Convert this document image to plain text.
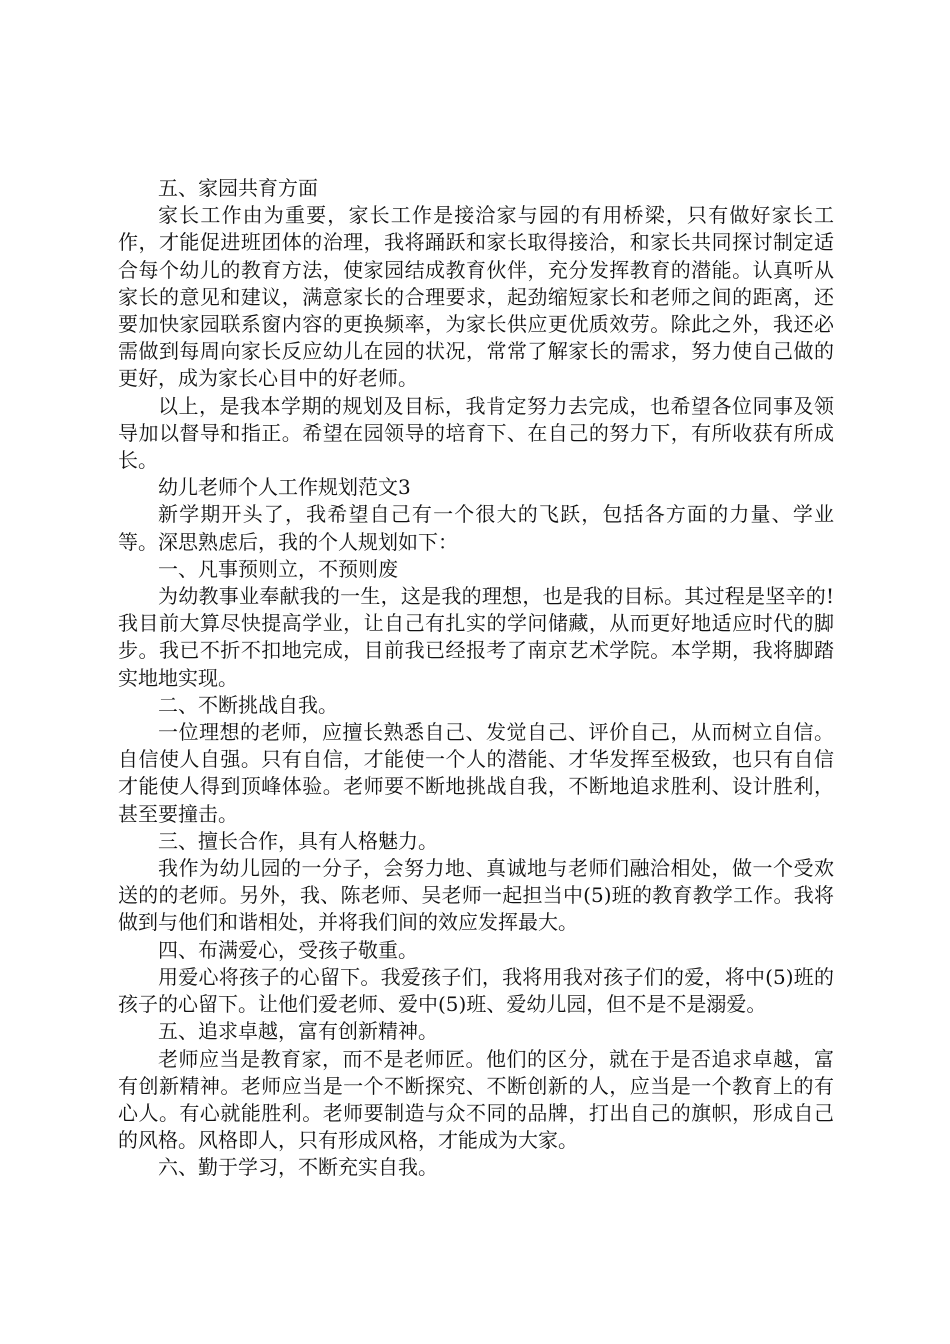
五、家园共育方面

家长工作由为重要，家长工作是接洽家与园的有用桥梁，只有做好家长工作，才能促进班团体的治理，我将踊跃和家长取得接洽，和家长共同探讨制定适合每个幼儿的教育方法，使家园结成教育伙伴，充分发挥教育的潜能。认真听从家长的意见和建议，满意家长的合理要求，起劲缩短家长和老师之间的距离，还要加快家园联系窗内容的更换频率，为家长供应更优质效劳。除此之外，我还必需做到每周向家长反应幼儿在园的状况，常常了解家长的需求，努力使自己做的更好，成为家长心目中的好老师。

以上，是我本学期的规划及目标，我肯定努力去完成，也希望各位同事及领导加以督导和指正。希望在园领导的培育下、在自己的努力下，有所收获有所成长。

幼儿老师个人工作规划范文3

新学期开头了，我希望自己有一个很大的飞跃，包括各方面的力量、学业等。深思熟虑后，我的个人规划如下：

一、凡事预则立，不预则废

为幼教事业奉献我的一生，这是我的理想，也是我的目标。其过程是坚辛的!我目前大算尽快提高学业，让自己有扎实的学问储藏，从而更好地适应时代的脚步。我已不折不扣地完成，目前我已经报考了南京艺术学院。本学期，我将脚踏实地地实现。

二、不断挑战自我。

一位理想的老师，应擅长熟悉自己、发觉自己、评价自己，从而树立自信。自信使人自强。只有自信，才能使一个人的潜能、才华发挥至极致，也只有自信才能使人得到顶峰体验。老师要不断地挑战自我，不断地追求胜利、设计胜利，甚至要撞击。

三、擅长合作，具有人格魅力。

我作为幼儿园的一分子，会努力地、真诚地与老师们融洽相处，做一个受欢送的的老师。另外，我、陈老师、吴老师一起担当中(5)班的教育教学工作。我将做到与他们和谐相处，并将我们间的效应发挥最大。

四、布满爱心，受孩子敬重。

用爱心将孩子的心留下。我爱孩子们，我将用我对孩子们的爱，将中(5)班的孩子的心留下。让他们爱老师、爱中(5)班、爱幼儿园，但不是不是溺爱。

五、追求卓越，富有创新精神。

老师应当是教育家，而不是老师匠。他们的区分，就在于是否追求卓越，富有创新精神。老师应当是一个不断探究、不断创新的人，应当是一个教育上的有心人。有心就能胜利。老师要制造与众不同的品牌，打出自己的旗帜，形成自己的风格。风格即人，只有形成风格，才能成为大家。

六、勤于学习，不断充实自我。
